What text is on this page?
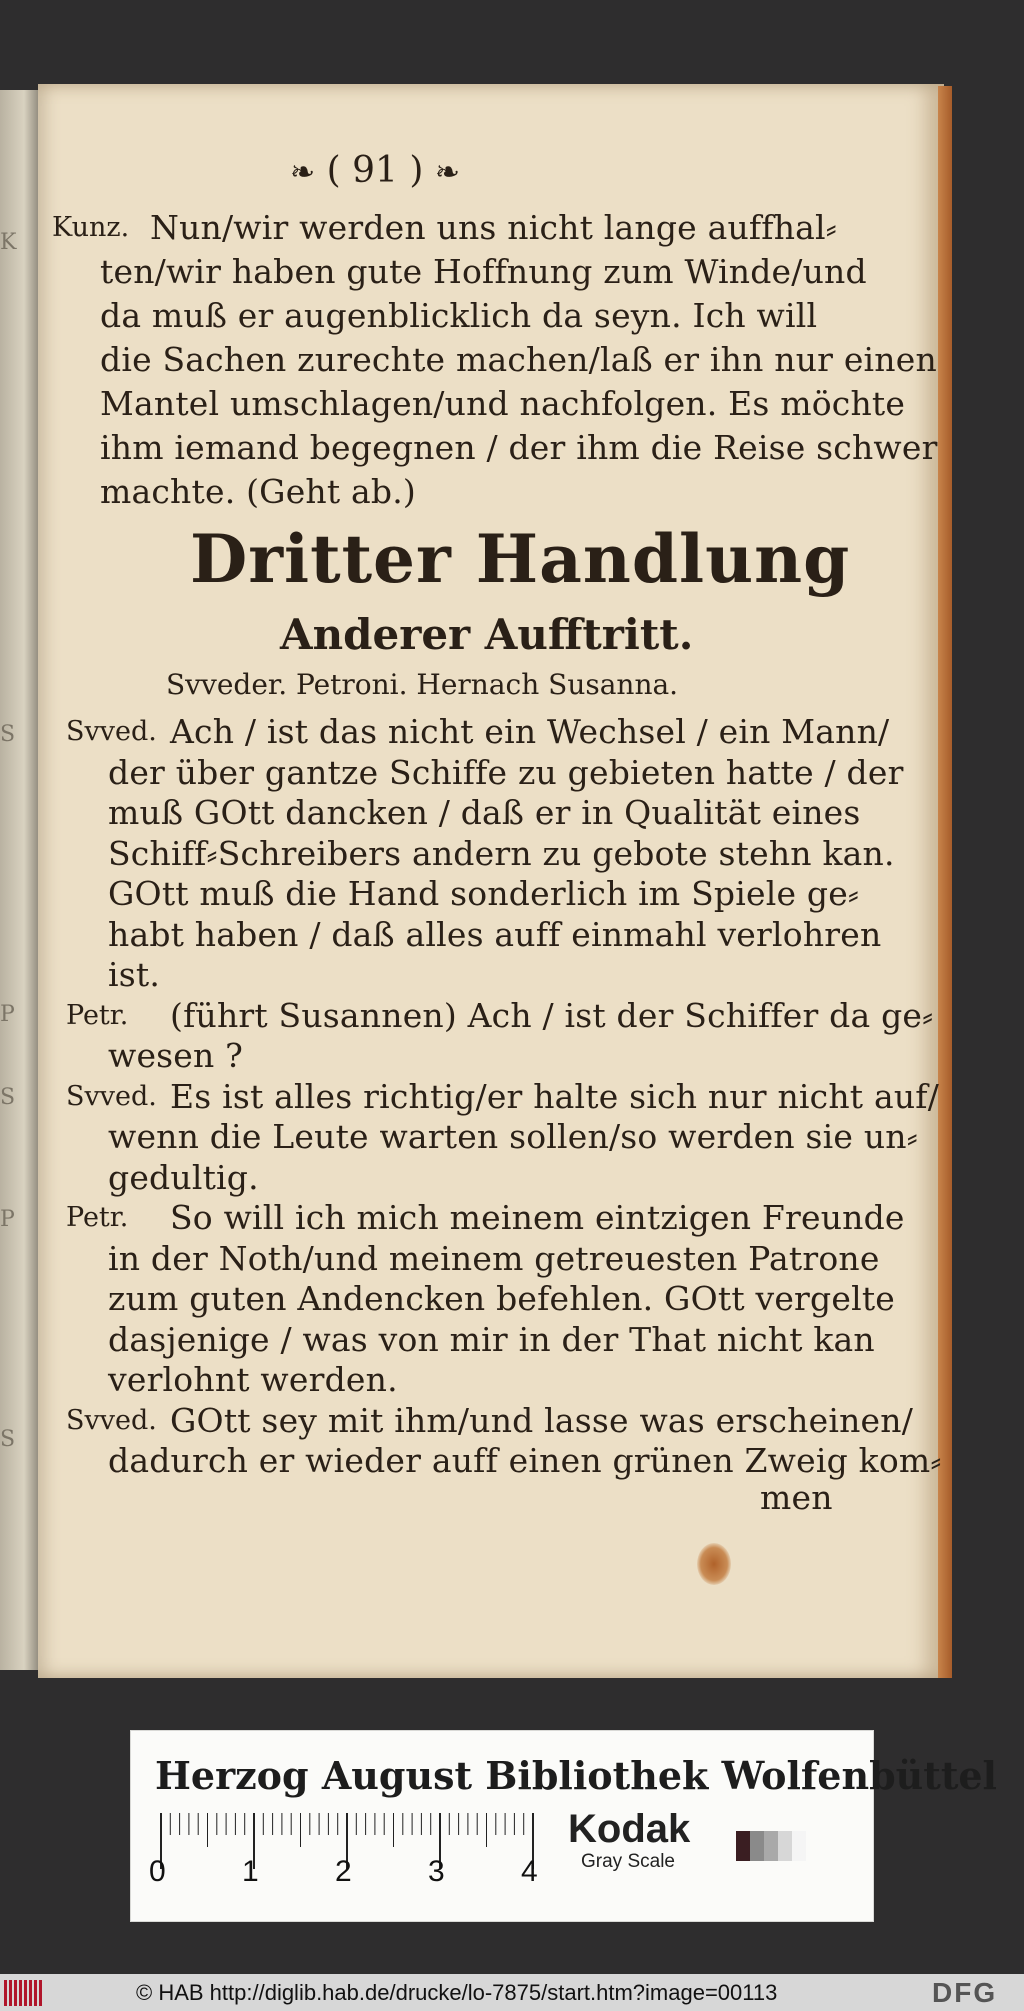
K
S
P
S
P
S
❧ ( 91 ) ❧
Kunz. Nun/wir werden uns nicht lange auffhal⸗
ten/wir haben gute Hoffnung zum Winde/und
da muß er augenblicklich da seyn. Ich will
die Sachen zurechte machen/laß er ihn nur einen
Mantel umschlagen/und nachfolgen. Es möchte
ihm iemand begegnen / der ihm die Reise schwer
machte. (Geht ab.)
Dritter Handlung
Anderer Aufftritt.
Svveder. Petroni. Hernach Susanna.
Svved. Ach / ist das nicht ein Wechsel / ein Mann/
der über gantze Schiffe zu gebieten hatte / der
muß GOtt dancken / daß er in Qualität eines
Schiff⸗Schreibers andern zu gebote stehn kan.
GOtt muß die Hand sonderlich im Spiele ge⸗
habt haben / daß alles auff einmahl verlohren
ist.
Petr. (führt Susannen) Ach / ist der Schiffer da ge⸗
wesen ?
Svved. Es ist alles richtig/er halte sich nur nicht auf/
wenn die Leute warten sollen/so werden sie un⸗
gedultig.
Petr. So will ich mich meinem eintzigen Freunde
in der Noth/und meinem getreuesten Patrone
zum guten Andencken befehlen. GOtt vergelte
dasjenige / was von mir in der That nicht kan
verlohnt werden.
Svved. GOtt sey mit ihm/und lasse was erscheinen/
dadurch er wieder auff einen grünen Zweig kom⸗
men
Herzog August Bibliothek Wolfenbüttel
0	1	2	3	4
Kodak
Gray Scale
© HAB http://diglib.hab.de/drucke/lo-7875/start.htm?image=00113	DFG
